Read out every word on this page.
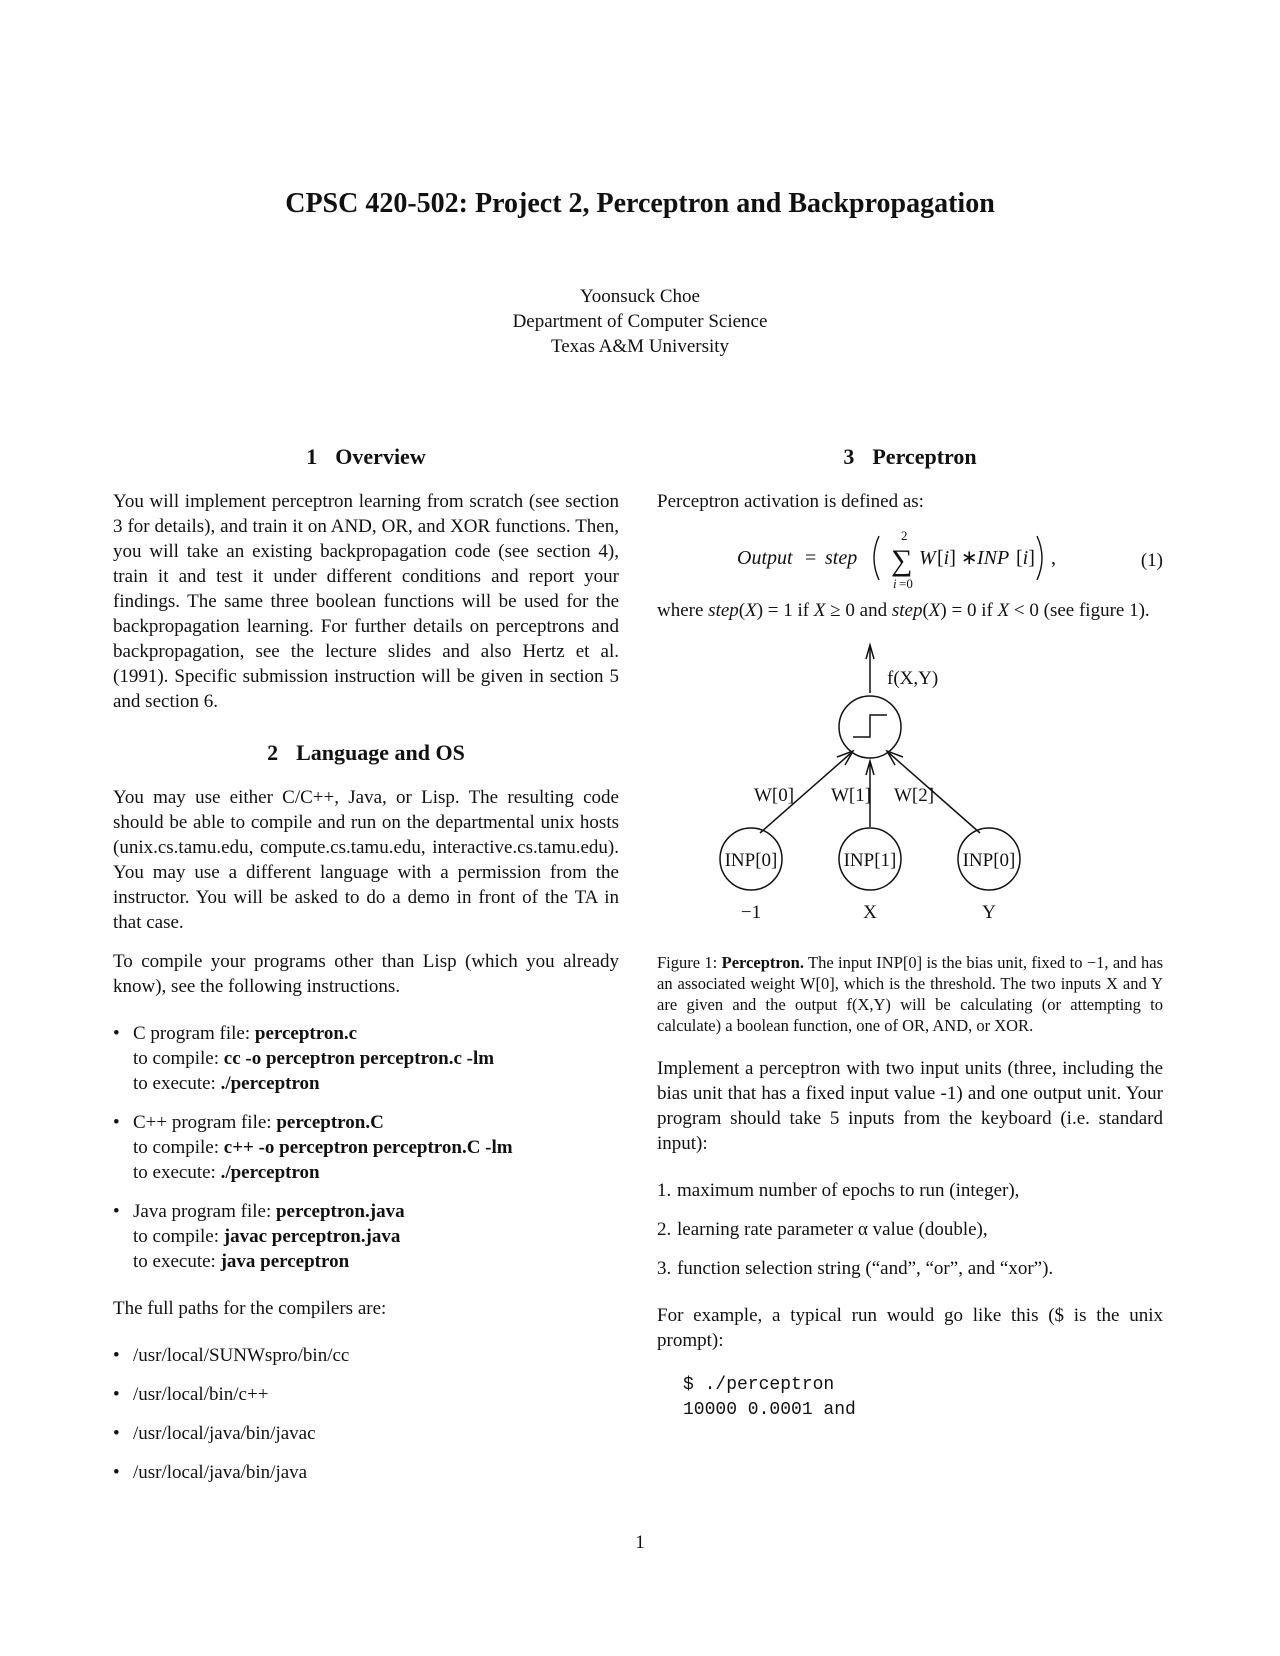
CPSC 420-502: Project 2, Perceptron and Backpropagation
Yoonsuck Choe
Department of Computer Science
Texas A&M University
1 Overview

You will implement perceptron learning from scratch (see section 3 for details), and train it on AND, OR, and XOR functions. Then, you will take an existing backpropagation code (see section 4), train it and test it under different conditions and report your findings. The same three boolean functions will be used for the backpropagation learning. For further details on perceptrons and backpropagation, see the lecture slides and also Hertz et al. (1991). Specific submission instruction will be given in section 5 and section 6.

2 Language and OS

You may use either C/C++, Java, or Lisp. The resulting code should be able to compile and run on the departmental unix hosts (unix.cs.tamu.edu, compute.cs.tamu.edu, interactive.cs.tamu.edu). You may use a different language with a permission from the instructor. You will be asked to do a demo in front of the TA in that case.

To compile your programs other than Lisp (which you already know), see the following instructions.

• C program file: perceptron.c
to compile: cc -o perceptron perceptron.c -lm
to execute: ./perceptron
• C++ program file: perceptron.C
to compile: c++ -o perceptron perceptron.C -lm
to execute: ./perceptron
• Java program file: perceptron.java
to compile: javac perceptron.java
to execute: java perceptron

The full paths for the compilers are:

• /usr/local/SUNWspro/bin/cc
• /usr/local/bin/c++
• /usr/local/java/bin/javac
• /usr/local/java/bin/java
3 Perceptron

Perceptron activation is defined as:

Output = step
2
∑
i =0
W [i] ∗ INP [i] ,	(1)

where step(X) = 1 if X ≥ 0 and step(X) = 0 if X < 0 (see figure 1).

f(X,Y)
W[0] W[1] W[2]
INP[0]	INP[1]	INP[0]
−1	X	Y

Figure 1: Perceptron. The input INP[0] is the bias unit, fixed to −1, and has an associated weight W[0], which is the threshold. The two inputs X and Y are given and the output f(X,Y) will be calculating (or attempting to calculate) a boolean function, one of OR, AND, or XOR.

Implement a perceptron with two input units (three, including the bias unit that has a fixed input value -1) and one output unit. Your program should take 5 inputs from the keyboard (i.e. standard input):

1. maximum number of epochs to run (integer),
2. learning rate parameter α value (double),
3. function selection string (“and”, “or”, and “xor”).

For example, a typical run would go like this ($ is the unix prompt):

$ ./perceptron
10000 0.0001 and
1
